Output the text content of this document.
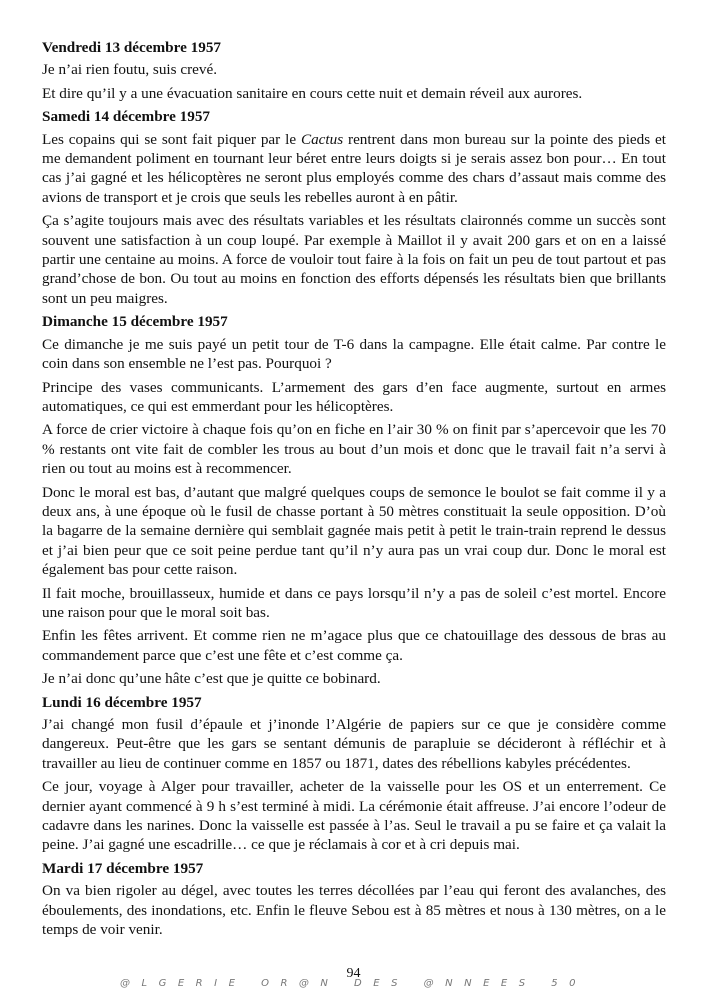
Vendredi 13 décembre 1957

Je n’ai rien foutu, suis crevé.

Et dire qu’il y a une évacuation sanitaire en cours cette nuit et demain réveil aux aurores.

Samedi 14 décembre 1957

Les copains qui se sont fait piquer par le Cactus rentrent dans mon bureau sur la pointe des pieds et me demandent poliment en tournant leur béret entre leurs doigts si je serais assez bon pour… En tout cas j’ai gagné et les hélicoptères ne seront plus employés comme des chars d’assaut mais comme des avions de transport et je crois que seuls les rebelles auront à en pâtir.

Ça s’agite toujours mais avec des résultats variables et les résultats claironnés comme un succès sont souvent une satisfaction à un coup loupé. Par exemple à Maillot il y avait 200 gars et on en a laissé partir une centaine au moins. A force de vouloir tout faire à la fois on fait un peu de tout partout et pas grand’chose de bon. Ou tout au moins en fonction des efforts dépensés les résultats bien que brillants sont un peu maigres.

Dimanche 15 décembre 1957

Ce dimanche je me suis payé un petit tour de T-6 dans la campagne. Elle était calme. Par contre le coin dans son ensemble ne l’est pas. Pourquoi ?

Principe des vases communicants. L’armement des gars d’en face augmente, surtout en armes automatiques, ce qui est emmerdant pour les hélicoptères.

A force de crier victoire à chaque fois qu’on en fiche en l’air 30 % on finit par s’apercevoir que les 70 % restants ont vite fait de combler les trous au bout d’un mois et donc que le travail fait n’a servi à rien ou tout au moins est à recommencer.

Donc le moral est bas, d’autant que malgré quelques coups de semonce le boulot se fait comme il y a deux ans, à une époque où le fusil de chasse portant à 50 mètres constituait la seule opposition. D’où la bagarre de la semaine dernière qui semblait gagnée mais petit à petit le train-train reprend le dessus et j’ai bien peur que ce soit peine perdue tant qu’il n’y aura pas un vrai coup dur. Donc le moral est également bas pour cette raison.

Il fait moche, brouillasseux, humide et dans ce pays lorsqu’il n’y a pas de soleil c’est mortel. Encore une raison pour que le moral soit bas.

Enfin les fêtes arrivent. Et comme rien ne m’agace plus que ce chatouillage des dessous de bras au commandement parce que c’est une fête et c’est comme ça.

Je n’ai donc qu’une hâte c’est que je quitte ce bobinard.

Lundi 16 décembre 1957

J’ai changé mon fusil d’épaule et j’inonde l’Algérie de papiers sur ce que je considère comme dangereux. Peut-être que les gars se sentant démunis de parapluie se décideront à réfléchir et à travailler au lieu de continuer comme en 1857 ou 1871, dates des rébellions kabyles précédentes.

Ce jour, voyage à Alger pour travailler, acheter de la vaisselle pour les OS et un enterrement. Ce dernier ayant commencé à 9 h s’est terminé à midi. La cérémonie était affreuse. J’ai encore l’odeur de cadavre dans les narines. Donc la vaisselle est passée à l’as. Seul le travail a pu se faire et ça valait la peine. J’ai gagné une escadrille… ce que je réclamais à cor et à cri depuis mai.

Mardi 17 décembre 1957

On va bien rigoler au dégel, avec toutes les terres décollées par l’eau qui feront des avalanches, des éboulements, des inondations, etc. Enfin le fleuve Sebou est à 85 mètres et nous à 130 mètres, on a le temps de voir venir.

94
@LGERIE OR@N DES @NNEES 50
